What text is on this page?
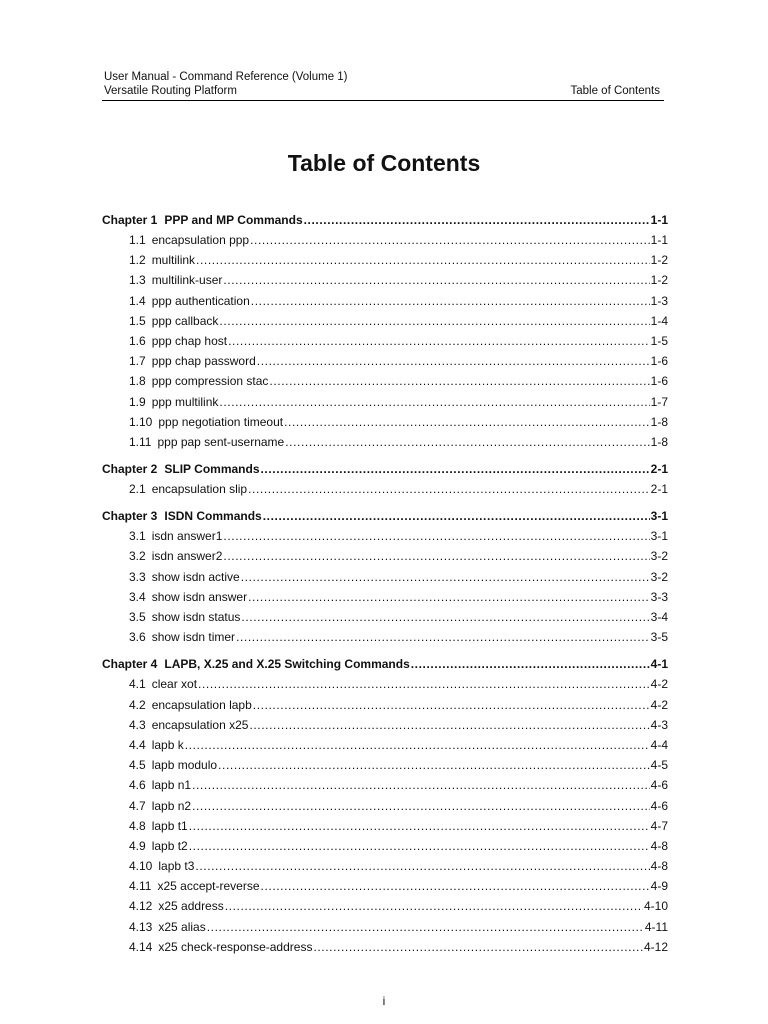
User Manual - Command Reference (Volume 1)
Versatile Routing Platform	Table of Contents
Table of Contents
Chapter 1 PPP and MP Commands .....	1-1
1.1 encapsulation ppp .....	1-1
1.2 multilink .....	1-2
1.3 multilink-user .....	1-2
1.4 ppp authentication .....	1-3
1.5 ppp callback .....	1-4
1.6 ppp chap host .....	1-5
1.7 ppp chap password .....	1-6
1.8 ppp compression stac .....	1-6
1.9 ppp multilink .....	1-7
1.10 ppp negotiation timeout .....	1-8
1.11 ppp pap sent-username .....	1-8
Chapter 2 SLIP Commands .....	2-1
2.1 encapsulation slip .....	2-1
Chapter 3 ISDN Commands .....	3-1
3.1 isdn answer1 .....	3-1
3.2 isdn answer2 .....	3-2
3.3 show isdn active .....	3-2
3.4 show isdn answer .....	3-3
3.5 show isdn status .....	3-4
3.6 show isdn timer .....	3-5
Chapter 4 LAPB, X.25 and X.25 Switching Commands .....	4-1
4.1 clear xot .....	4-2
4.2 encapsulation lapb .....	4-2
4.3 encapsulation x25 .....	4-3
4.4 lapb k .....	4-4
4.5 lapb modulo .....	4-5
4.6 lapb n1 .....	4-6
4.7 lapb n2 .....	4-6
4.8 lapb t1 .....	4-7
4.9 lapb t2 .....	4-8
4.10 lapb t3 .....	4-8
4.11 x25 accept-reverse .....	4-9
4.12 x25 address .....	4-10
4.13 x25 alias .....	4-11
4.14 x25 check-response-address .....	4-12
i
